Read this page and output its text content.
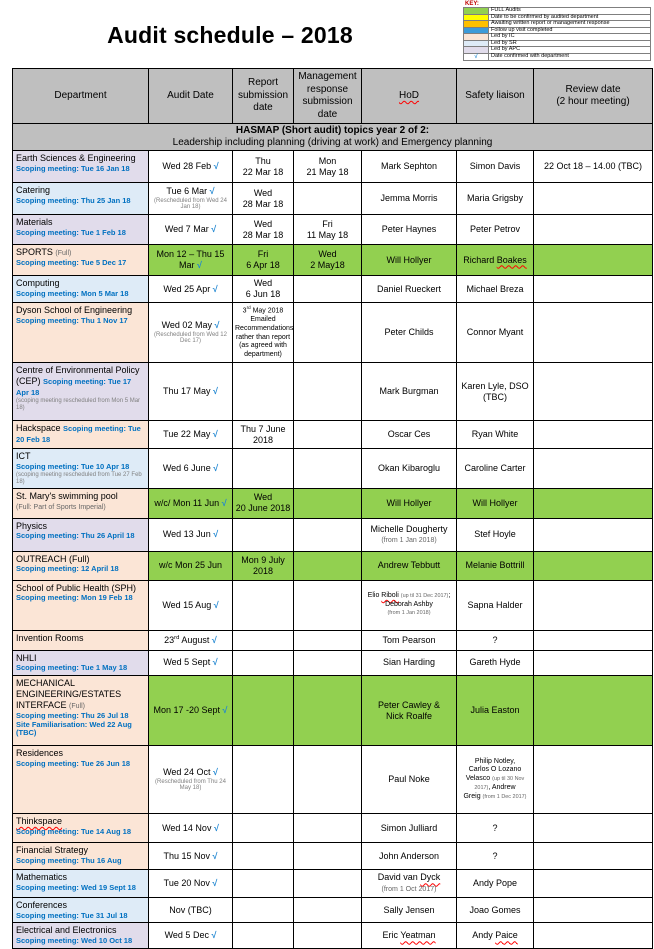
Audit schedule – 2018
KEY:
	FULL Audits
	Date to be confirmed by audited department
	Awaiting written report or management response
	Follow up visit completed
	Led by IC
	Led by SR
	Led by APC
√	Date confirmed with department
Department	Audit Date	Report
submission
date	Management
response
submission
date	HoD	Safety liaison	Review date
(2 hour meeting)

HASMAP (Short audit) topics year 2 of 2:
Leadership including planning (driving at work) and Emergency planning						

Earth Sciences & Engineering
Scoping meeting: Tue 16 Jan 18	Wed 28 Feb √	Thu
22 Mar 18	Mon
21 May 18	Mark Sephton	Simon Davis	22 Oct 18 – 14.00 (TBC)
Catering
Scoping meeting: Thu 25 Jan 18	Tue 6 Mar √
(Rescheduled from Wed 24 Jan 18)	Wed
28 Mar 18		Jemma Morris	Maria Grigsby	
Materials
Scoping meeting: Tue 1 Feb 18	Wed 7 Mar √	Wed
28 Mar 18	Fri
11 May 18	Peter Haynes	Peter Petrov	
SPORTS (Full)
Scoping meeting: Tue 5 Dec 17	Mon 12 – Thu 15 Mar √	Fri
6 Apr 18	Wed
2 May18	Will Hollyer	Richard Boakes	
Computing
Scoping meeting: Mon 5 Mar 18	Wed 25 Apr √	Wed
6 Jun 18		Daniel Rueckert	Michael Breza	
Dyson School of Engineering
Scoping meeting: Thu 1 Nov 17	Wed 02 May √
(Rescheduled from Wed 12 Dec 17)
	3rd May 2018
Emailed
Recommendations
rather than report
(as agreed with
department)		Peter Childs	Connor Myant	
Centre of Environmental Policy (CEP) Scoping meeting: Tue 17 Apr 18
(scoping meeting rescheduled from Mon 5 Mar 18)	Thu 17 May √			Mark Burgman	Karen Lyle, DSO
(TBC)	
Hackspace Scoping meeting: Tue 20 Feb 18	Tue 22 May √	Thu 7 June 2018		Oscar Ces	Ryan White	
ICT
Scoping meeting: Tue 10 Apr 18
(scoping meeting rescheduled from Tue 27 Feb 18)	Wed 6 June √			Okan Kibaroglu	Caroline Carter	
St. Mary's swimming pool
(Full: Part of Sports Imperial)	w/c/ Mon 11 Jun √	Wed
20 June 2018		Will Hollyer	Will Hollyer	
Physics
Scoping meeting: Thu 26 April 18	Wed 13 Jun √			Michelle Dougherty (from 1 Jan 2018)	Stef Hoyle	
OUTREACH (Full)
Scoping meeting: 12 April 18	w/c Mon 25 Jun	Mon 9 July 2018		Andrew Tebbutt	Melanie Bottrill	
School of Public Health (SPH)
Scoping meeting: Mon 19 Feb 18	Wed 15 Aug √			Elio Riboli (up til 31 Dec 2017);
Deborah Ashby
(from 1 Jan 2018)	Sapna Halder	
Invention Rooms	23rd August √			Tom Pearson	?	
NHLI
Scoping meeting: Tue 1 May 18	Wed 5 Sept √			Sian Harding	Gareth Hyde	
MECHANICAL
ENGINEERING/ESTATES
INTERFACE (Full)
Scoping meeting: Thu 26 Jul 18
Site Familiarisation: Wed 22 Aug
(TBC)
	Mon 17 -20 Sept √			Peter Cawley &
Nick Roalfe	Julia Easton	
Residences
Scoping meeting: Tue 26 Jun 18	Wed 24 Oct √
(Rescheduled from Thu 24 May 18)			Paul Noke	Philip Notley,
Carlos O Lozano
Velasco (up til 30 Nov 2017), Andrew
Greig (from 1 Dec 2017)	
Thinkspace
Scoping meeting: Tue 14 Aug 18	Wed 14 Nov √			Simon Julliard	?	
Financial Strategy
Scoping meeting: Thu 16 Aug	Thu 15 Nov √			John Anderson	?	
Mathematics
Scoping meeting: Wed 19 Sept 18	Tue 20 Nov √			David van Dyck
(from 1 Oct 2017)	Andy Pope	
Conferences
Scoping meeting: Tue 31 Jul 18	Nov (TBC)			Sally Jensen	Joao Gomes	
Electrical and Electronics
Scoping meeting: Wed 10 Oct 18	Wed 5 Dec √			Eric Yeatman	Andy Paice	
